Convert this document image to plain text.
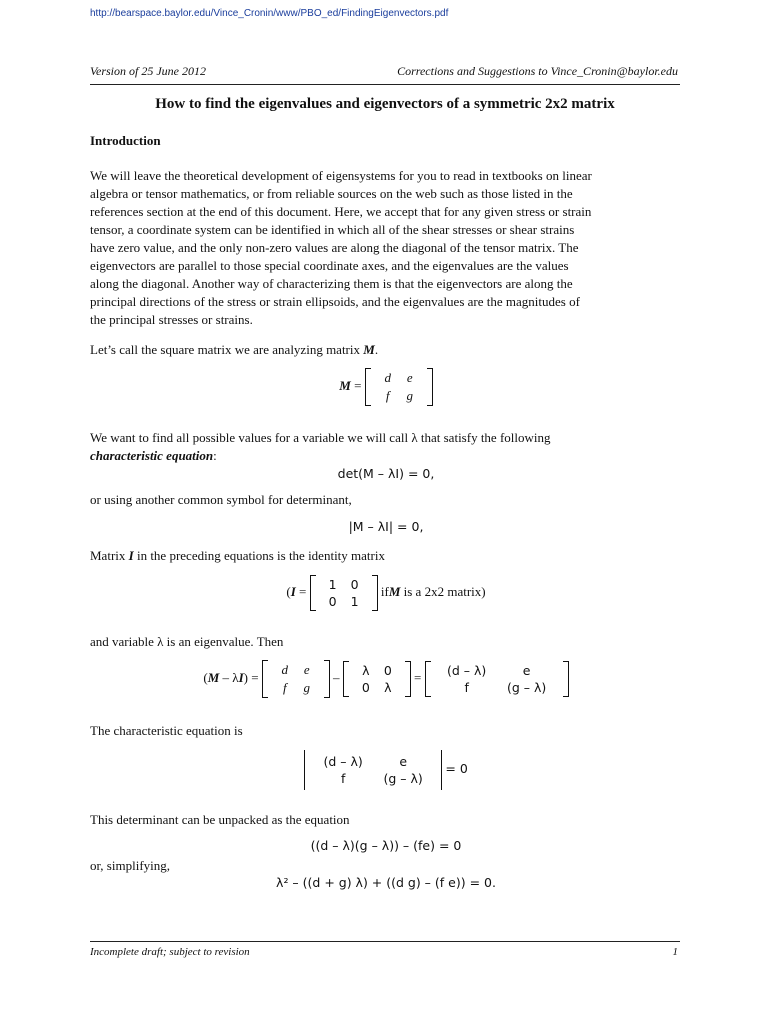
http://bearspace.baylor.edu/Vince_Cronin/www/PBO_ed/FindingEigenvectors.pdf
Version of 25 June 2012	Corrections and Suggestions to Vince_Cronin@baylor.edu
How to find the eigenvalues and eigenvectors of a symmetric 2x2 matrix
Introduction
We will leave the theoretical development of eigensystems for you to read in textbooks on linear
algebra or tensor mathematics, or from reliable sources on the web such as those listed in the
references section at the end of this document. Here, we accept that for any given stress or strain
tensor, a coordinate system can be identified in which all of the shear stresses or shear strains
have zero value, and the only non-zero values are along the diagonal of the tensor matrix. The
eigenvectors are parallel to those special coordinate axes, and the eigenvalues are the values
along the diagonal. Another way of characterizing them is that the eigenvectors are along the
principal directions of the stress or strain ellipsoids, and the eigenvalues are the magnitudes of
the principal stresses or strains.
Let’s call the square matrix we are analyzing matrix M.
M =
d	e
f	g
We want to find all possible values for a variable we will call λ that satisfy the following
characteristic equation:
det(M – λI) = 0,
or using another common symbol for determinant,
|M – λI| = 0,
Matrix I in the preceding equations is the identity matrix
(I =	1	0
0	1
ifM is a 2x2 matrix)
and variable λ is an eigenvalue. Then
(M – λI) =
d	e
f	g
–	λ	0
0	λ
=	(d – λ)	e
f	(g – λ)
The characteristic equation is
(d – λ)	e
f	(g – λ)
= 0
This determinant can be unpacked as the equation
((d – λ)(g – λ)) – (fe) = 0
or, simplifying,
λ² – ((d + g) λ) + ((d g) – (f e)) = 0.
Incomplete draft; subject to revision	1
